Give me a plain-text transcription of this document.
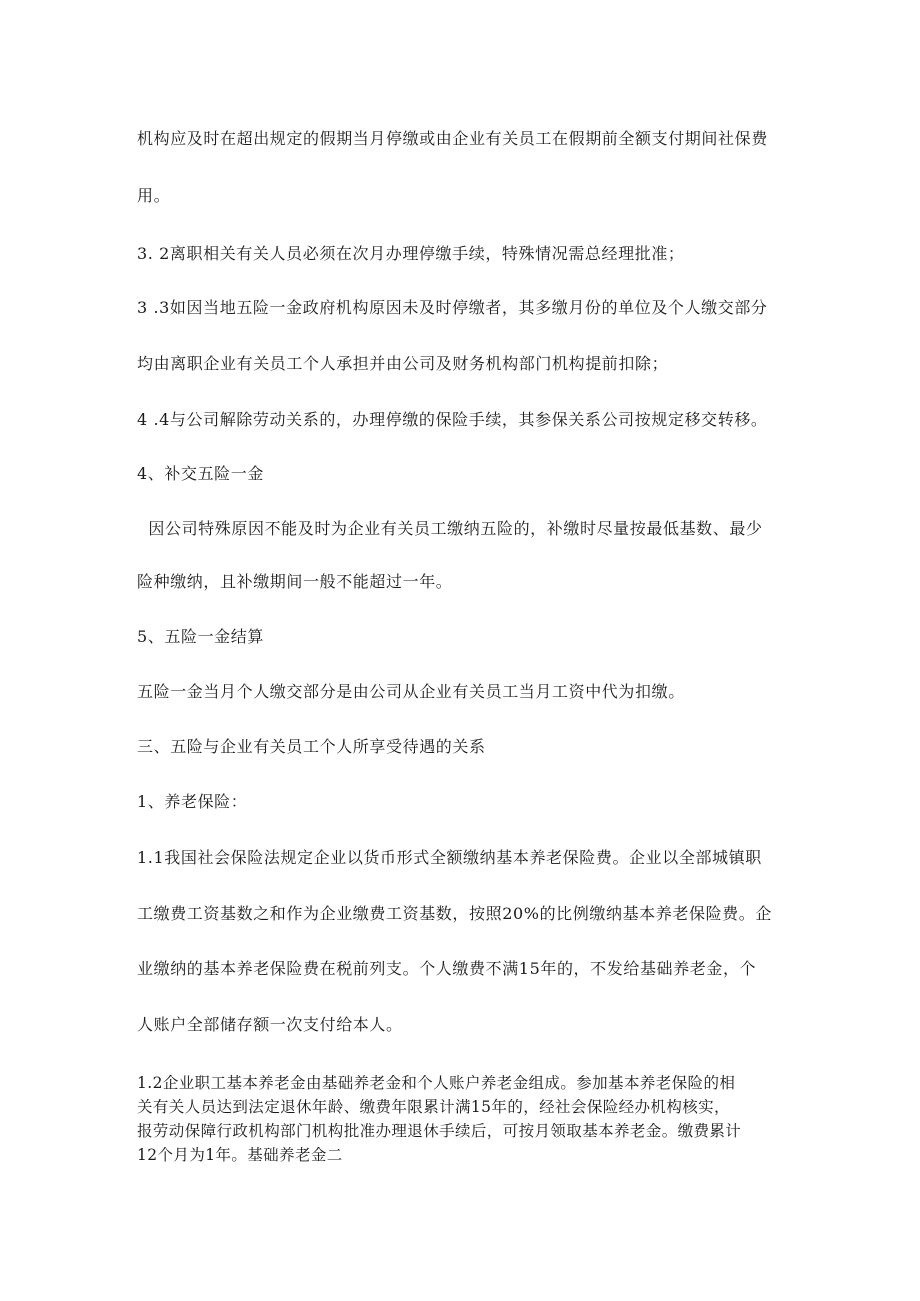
机构应及时在超出规定的假期当月停缴或由企业有关员工在假期前全额支付期间社保费
用。
3. 2离职相关有关人员必须在次月办理停缴手续，特殊情况需总经理批准；
3 .3如因当地五险一金政府机构原因未及时停缴者，其多缴月份的单位及个人缴交部分
均由离职企业有关员工个人承担并由公司及财务机构部门机构提前扣除；
4 .4与公司解除劳动关系的，办理停缴的保险手续，其参保关系公司按规定移交转移。
4、补交五险一金
因公司特殊原因不能及时为企业有关员工缴纳五险的，补缴时尽量按最低基数、最少
险种缴纳，且补缴期间一般不能超过一年。
5、五险一金结算
五险一金当月个人缴交部分是由公司从企业有关员工当月工资中代为扣缴。
三、五险与企业有关员工个人所享受待遇的关系
1、养老保险：
1.1我国社会保险法规定企业以货币形式全额缴纳基本养老保险费。企业以全部城镇职
工缴费工资基数之和作为企业缴费工资基数，按照20%的比例缴纳基本养老保险费。企
业缴纳的基本养老保险费在税前列支。个人缴费不满15年的，不发给基础养老金，个
人账户全部储存额一次支付给本人。
1.2企业职工基本养老金由基础养老金和个人账户养老金组成。参加基本养老保险的相
关有关人员达到法定退休年龄、缴费年限累计满15年的，经社会保险经办机构核实，
报劳动保障行政机构部门机构批准办理退休手续后，可按月领取基本养老金。缴费累计
12个月为1年。基础养老金二
